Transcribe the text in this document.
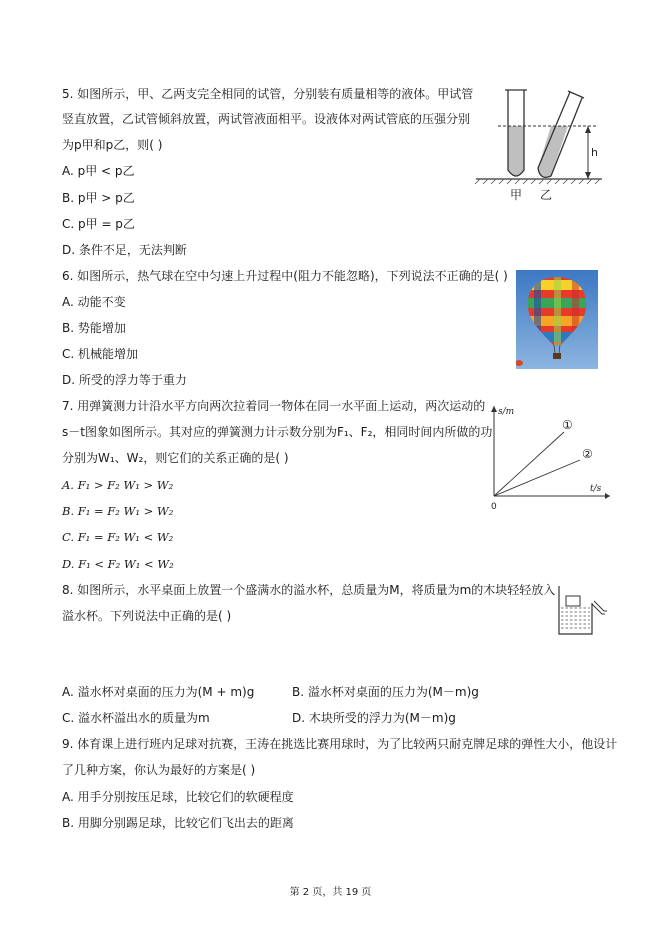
5. 如图所示，甲、乙两支完全相同的试管，分别装有质量相等的液体。甲试管
竖直放置，乙试管倾斜放置，两试管液面相平。设液体对两试管底的压强分别
为p甲和p乙，则( )
A. p甲 < p乙
B. p甲 > p乙
C. p甲 = p乙
D. 条件不足，无法判断
h
甲 乙
6. 如图所示，热气球在空中匀速上升过程中(阻力不能忽略)，下列说法不正确的是( )
A. 动能不变
B. 势能增加
C. 机械能增加
D. 所受的浮力等于重力
7. 用弹簧测力计沿水平方向两次拉着同一物体在同一水平面上运动，两次运动的
s－t图象如图所示。其对应的弹簧测力计示数分别为F₁、F₂，相同时间内所做的功
分别为W₁、W₂，则它们的关系正确的是( )
A. F₁ > F₂ W₁ > W₂
B. F₁ = F₂ W₁ > W₂
C. F₁ = F₂ W₁ < W₂
D. F₁ < F₂ W₁ < W₂
s/m
t/s
0
①
②
8. 如图所示，水平桌面上放置一个盛满水的溢水杯，总质量为M，将质量为m的木块轻轻放入
溢水杯。下列说法中正确的是( )
A. 溢水杯对桌面的压力为(M + m)g	B. 溢水杯对桌面的压力为(M－m)g
C. 溢水杯溢出水的质量为m	D. 木块所受的浮力为(M－m)g
9. 体育课上进行班内足球对抗赛，王涛在挑选比赛用球时，为了比较两只耐克牌足球的弹性大小，他设计
了几种方案，你认为最好的方案是( )
A. 用手分别按压足球，比较它们的软硬程度
B. 用脚分别踢足球，比较它们飞出去的距离
第 2 页，共 19 页
